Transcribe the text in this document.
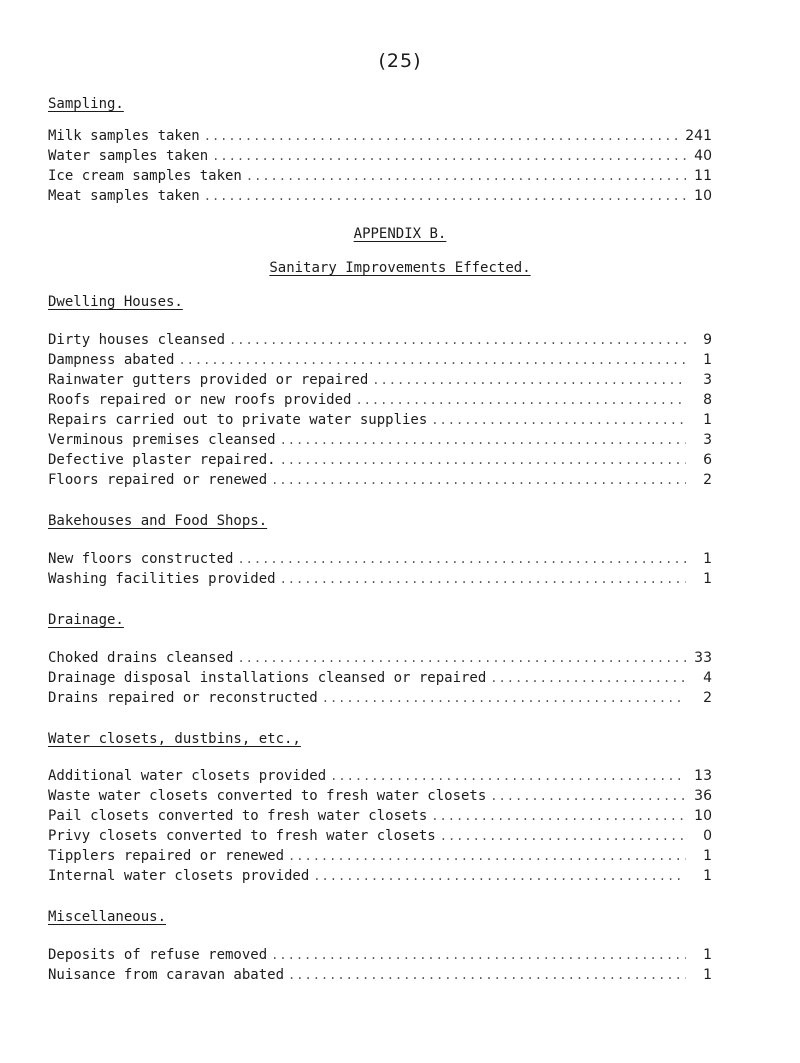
(25)
Sampling.
Milk samples taken .....	241
Water samples taken .....	40
Ice cream samples taken .....	11
Meat samples taken .....	10
APPENDIX B.
Sanitary Improvements Effected.
Dwelling Houses.
Dirty houses cleansed .....	9
Dampness abated .....	1
Rainwater gutters provided or repaired .....	3
Roofs repaired or new roofs provided .....	8
Repairs carried out to private water supplies .....	1
Verminous premises cleansed .....	3
Defective plaster repaired. .....	6
Floors repaired or renewed .....	2
Bakehouses and Food Shops.
New floors constructed .....	1
Washing facilities provided .....	1
Drainage.
Choked drains cleansed .....	33
Drainage disposal installations cleansed or repaired .....	4
Drains repaired or reconstructed .....	2
Water closets, dustbins, etc.,
Additional water closets provided .....	13
Waste water closets converted to fresh water closets .....	36
Pail closets converted to fresh water closets .....	10
Privy closets converted to fresh water closets .....	0
Tipplers repaired or renewed .....	1
Internal water closets provided .....	1
Miscellaneous.
Deposits of refuse removed .....	1
Nuisance from caravan abated .....	1
